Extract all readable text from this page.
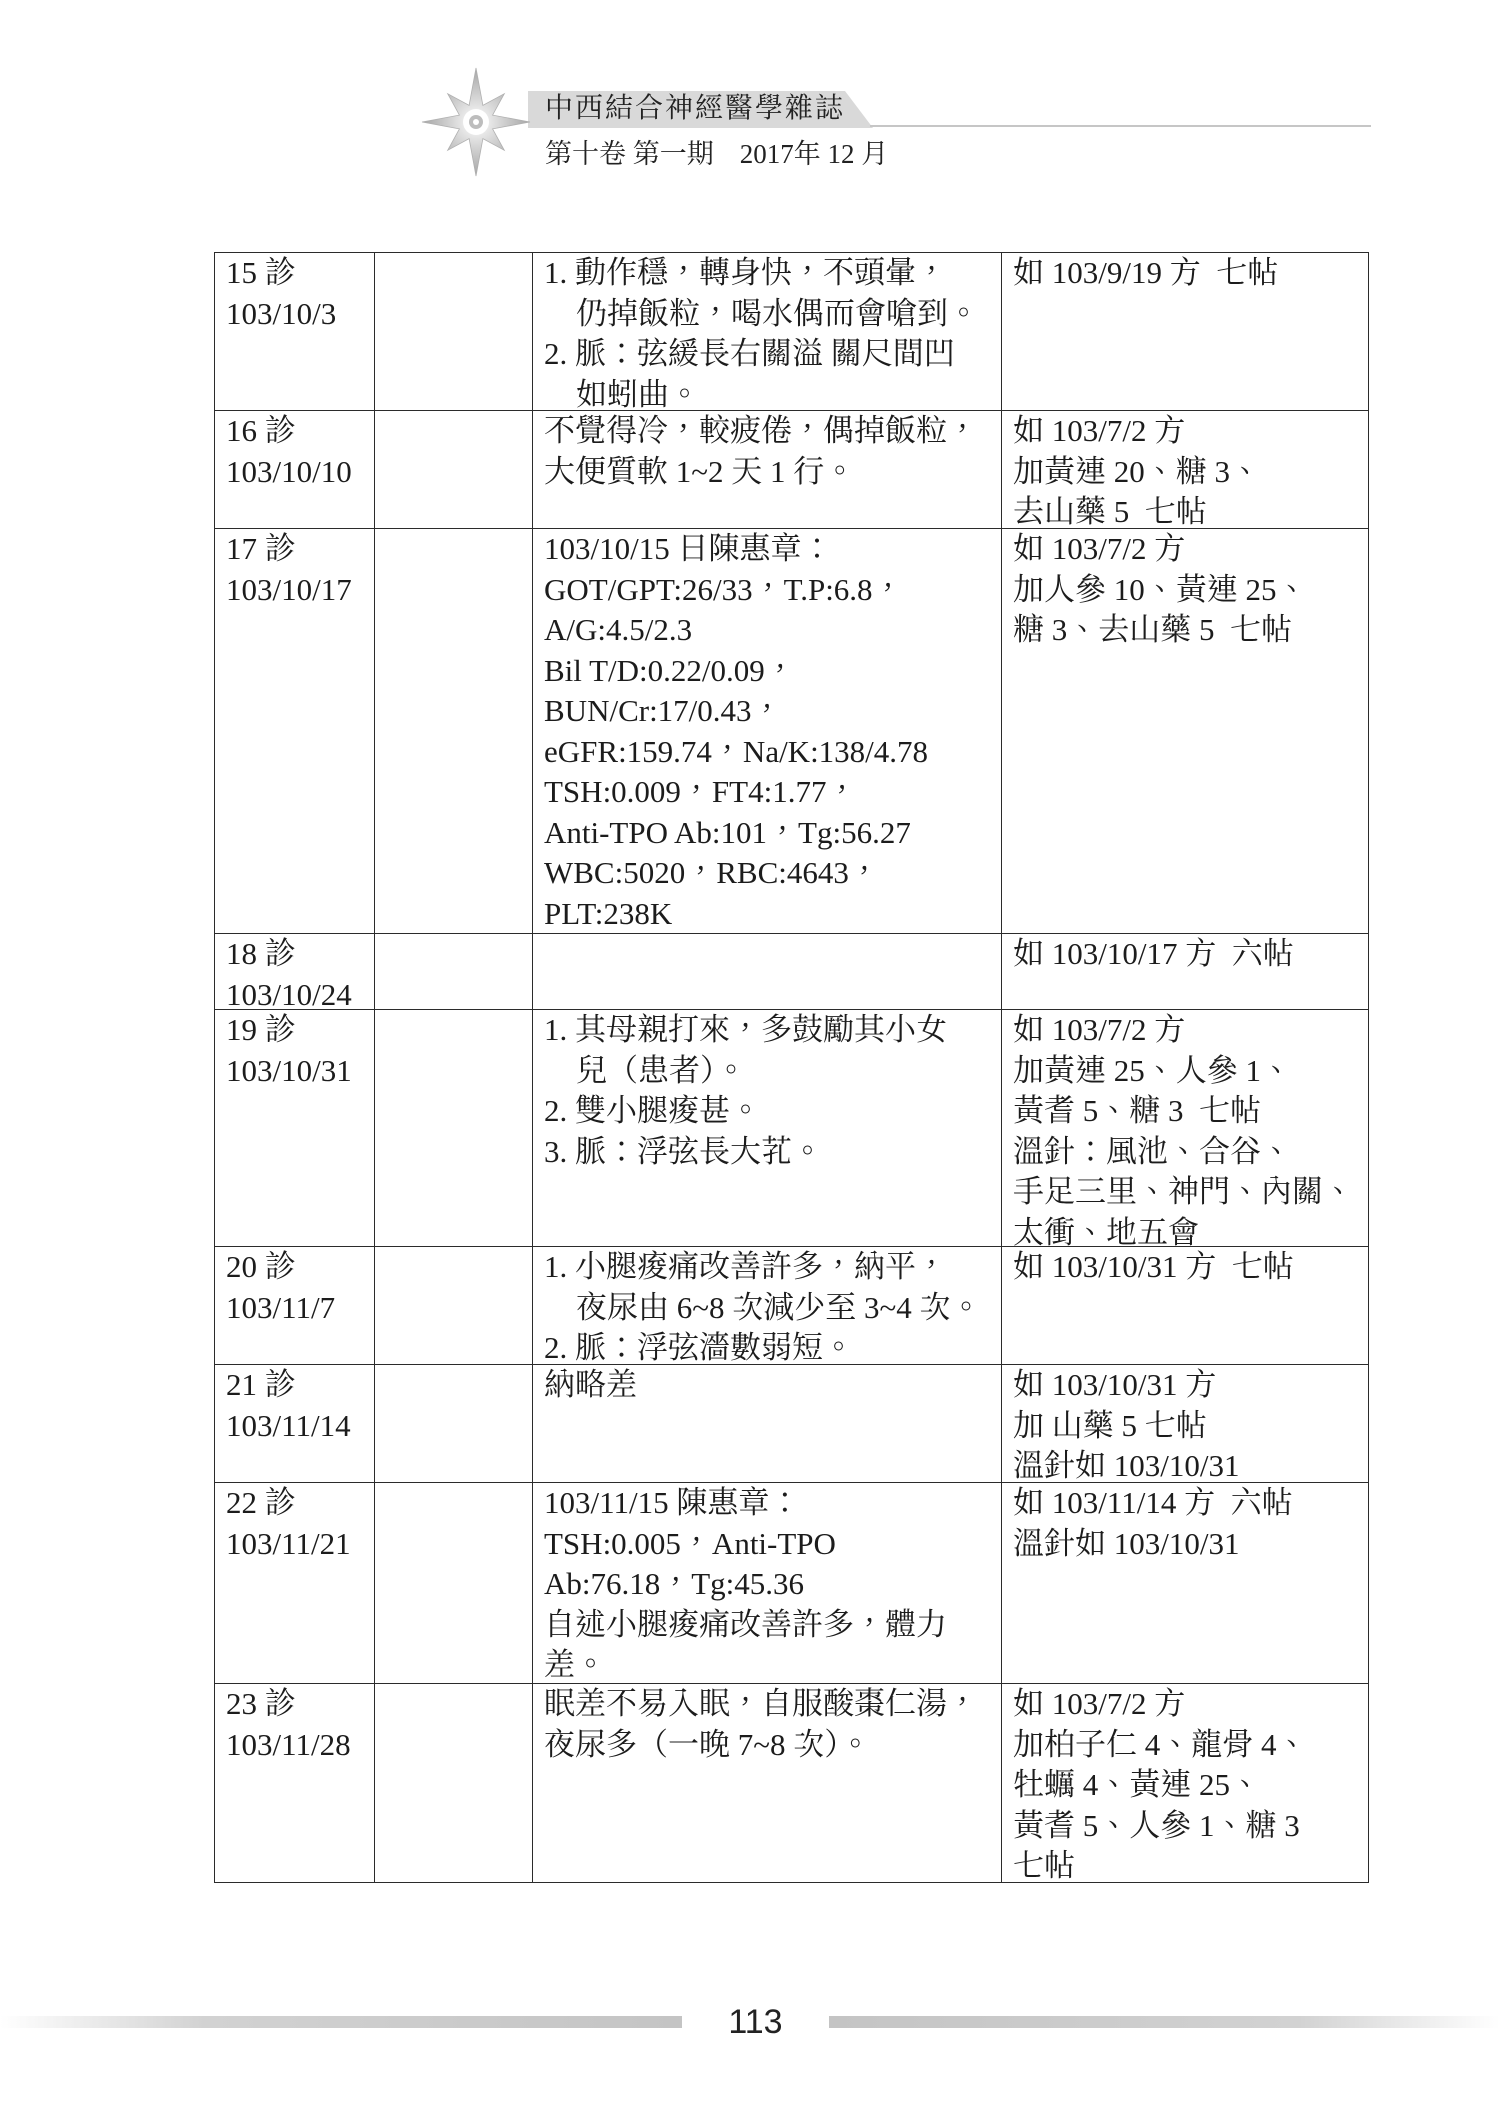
中西結合神經醫學雜誌
第十卷 第一期 2017年 12 月
15 診
103/10/3
1. 動作穩，轉身快，不頭暈，
仍掉飯粒，喝水偶而會嗆到。
2. 脈：弦緩長右關溢 關尺間凹
如蚓曲。
如 103/9/19 方  七帖
16 診
103/10/10
不覺得冷，較疲倦，偶掉飯粒，
大便質軟 1~2 天 1 行。
如 103/7/2 方
加黃連 20、糖 3、
去山藥 5  七帖
17 診
103/10/17
103/10/15 日陳惠章：
GOT/GPT:26/33，T.P:6.8，
A/G:4.5/2.3
Bil T/D:0.22/0.09，
BUN/Cr:17/0.43，
eGFR:159.74，Na/K:138/4.78
TSH:0.009，FT4:1.77，
Anti-TPO Ab:101，Tg:56.27
WBC:5020，RBC:4643，
PLT:238K
如 103/7/2 方
加人參 10、黃連 25、
糖 3、去山藥 5  七帖
18 診
103/10/24
如 103/10/17 方  六帖
19 診
103/10/31
1. 其母親打來，多鼓勵其小女
兒（患者）。
2. 雙小腿痠甚。
3. 脈：浮弦長大芤。
如 103/7/2 方
加黃連 25、人參 1、
黃耆 5、糖 3  七帖
溫針：風池、合谷、
手足三里、神門、內關、
太衝、地五會
20 診
103/11/7
1. 小腿痠痛改善許多，納平，
夜尿由 6~8 次減少至 3~4 次。
2. 脈：浮弦濇數弱短。
如 103/10/31 方  七帖
21 診
103/11/14
納略差	如 103/10/31 方
加 山藥 5 七帖
溫針如 103/10/31
22 診
103/11/21
103/11/15 陳惠章：
TSH:0.005，Anti-TPO
Ab:76.18，Tg:45.36
自述小腿痠痛改善許多，體力
差。
如 103/11/14 方  六帖
溫針如 103/10/31
23 診
103/11/28
眠差不易入眠，自服酸棗仁湯，
夜尿多（一晚 7~8 次）。
如 103/7/2 方
加柏子仁 4、龍骨 4、
牡蠣 4、黃連 25、
黃耆 5、人參 1、糖 3
七帖
113
